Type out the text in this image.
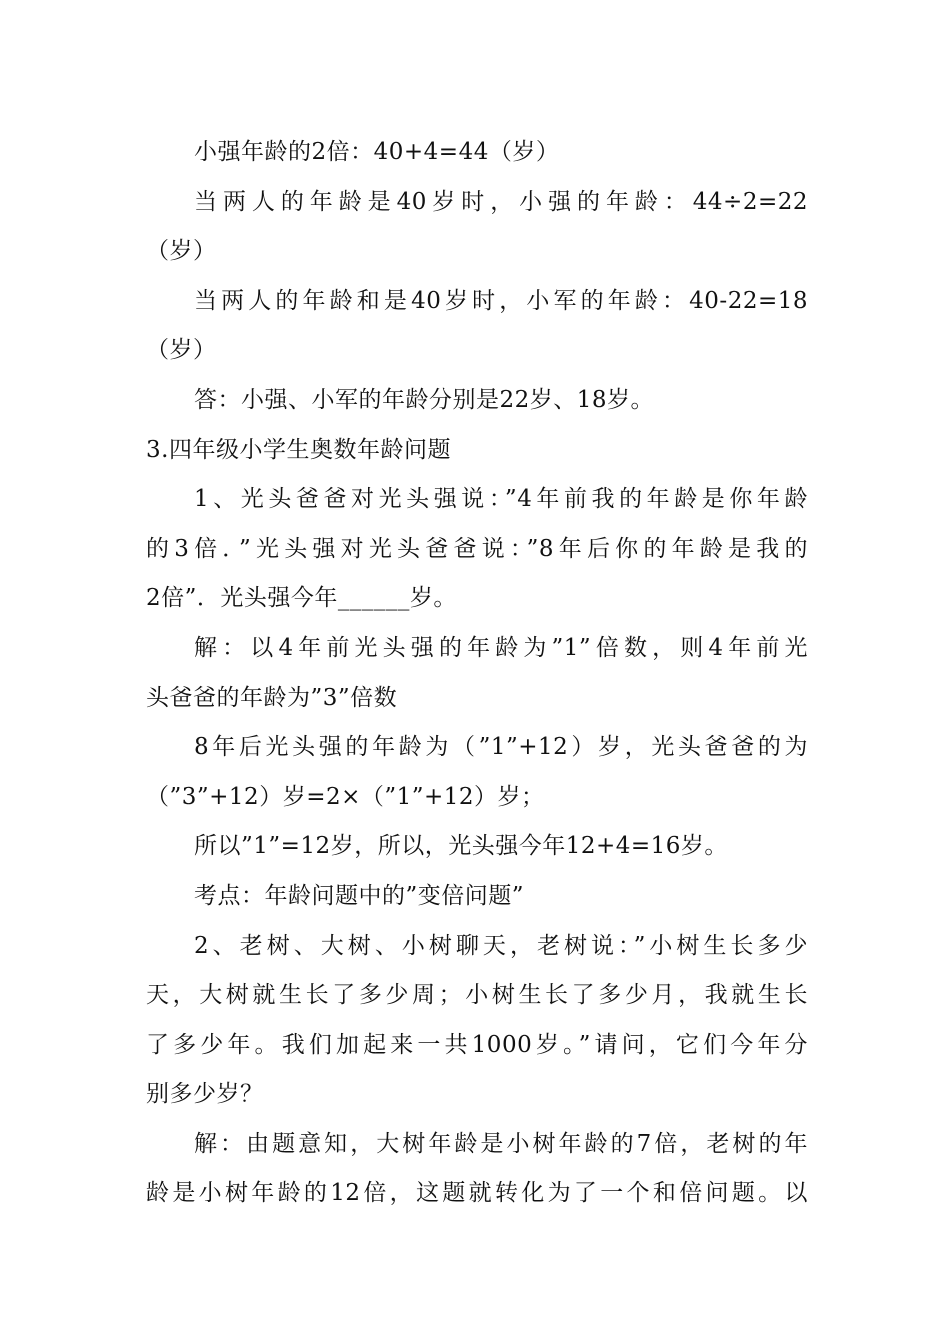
小强年龄的2倍：40+4=44（岁）
当两人的年龄是40岁时，小强的年龄：44÷2=22
（岁）
当两人的年龄和是40岁时，小军的年龄：40-22=18
（岁）
答：小强、小军的年龄分别是22岁、18岁。
3.四年级小学生奥数年龄问题
1、光头爸爸对光头强说：”4年前我的年龄是你年龄
的3倍．”光头强对光头爸爸说：”8年后你的年龄是我的
2倍”．光头强今年______岁。
解：以4年前光头强的年龄为”1”倍数，则4年前光
头爸爸的年龄为”3”倍数
8年后光头强的年龄为（”1”+12）岁，光头爸爸的为
（”3”+12）岁=2×（”1”+12）岁；
所以”1”=12岁，所以，光头强今年12+4=16岁。
考点：年龄问题中的”变倍问题”
2、老树、大树、小树聊天，老树说：”小树生长多少
天，大树就生长了多少周；小树生长了多少月，我就生长
了多少年。我们加起来一共1000岁。”请问，它们今年分
别多少岁？
解：由题意知，大树年龄是小树年龄的7倍，老树的年
龄是小树年龄的12倍，这题就转化为了一个和倍问题。以
